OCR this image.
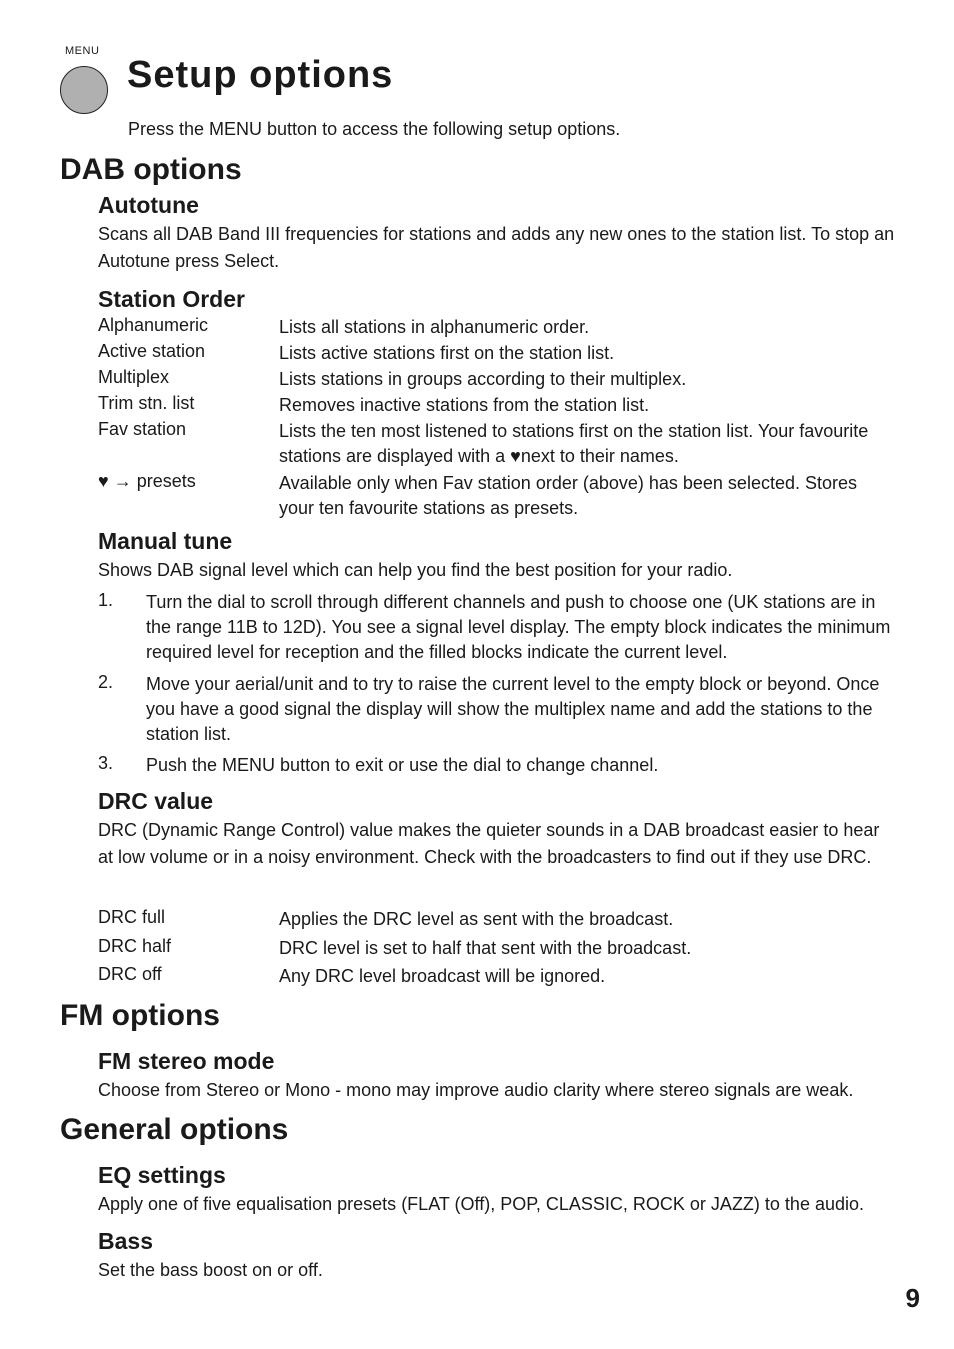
MENU
Setup options
Press the MENU button to access the following setup options.
DAB options
Autotune

Scans all DAB Band III frequencies for stations and adds any new ones to the station list. To stop an Autotune press Select.

Station Order
Alphanumeric	Lists all stations in alphanumeric order.
Active station	Lists active stations first on the station list.
Multiplex	Lists stations in groups according to their multiplex.
Trim stn. list	Removes inactive stations from the station list.
Fav station	Lists the ten most listened to stations first on the station list. Your favourite stations are displayed with a ♥next to their names.
♥ → presets	Available only when Fav station order (above) has been selected. Stores your ten favourite stations as presets.
Manual tune

Shows DAB signal level which can help you find the best position for your radio.

1. Turn the dial to scroll through different channels and push to choose one (UK stations are in the range 11B to 12D). You see a signal level display. The empty block indicates the minimum required level for reception and the filled blocks indicate the current level.
2. Move your aerial/unit and to try to raise the current level to the empty block or beyond. Once you have a good signal the display will show the multiplex name and add the stations to the station list.
3. Push the MENU button to exit or use the dial to change channel.
DRC value

DRC (Dynamic Range Control) value makes the quieter sounds in a DAB broadcast easier to hear at low volume or in a noisy environment. Check with the broadcasters to find out if they use DRC.

DRC full	Applies the DRC level as sent with the broadcast.
DRC half	DRC level is set to half that sent with the broadcast.
DRC off	Any DRC level broadcast will be ignored.
FM options
FM stereo mode

Choose from Stereo or Mono - mono may improve audio clarity where stereo signals are weak.

General options
EQ settings

Apply one of five equalisation presets (FLAT (Off), POP, CLASSIC, ROCK or JAZZ) to the audio.

Bass

Set the bass boost on or off.

9
